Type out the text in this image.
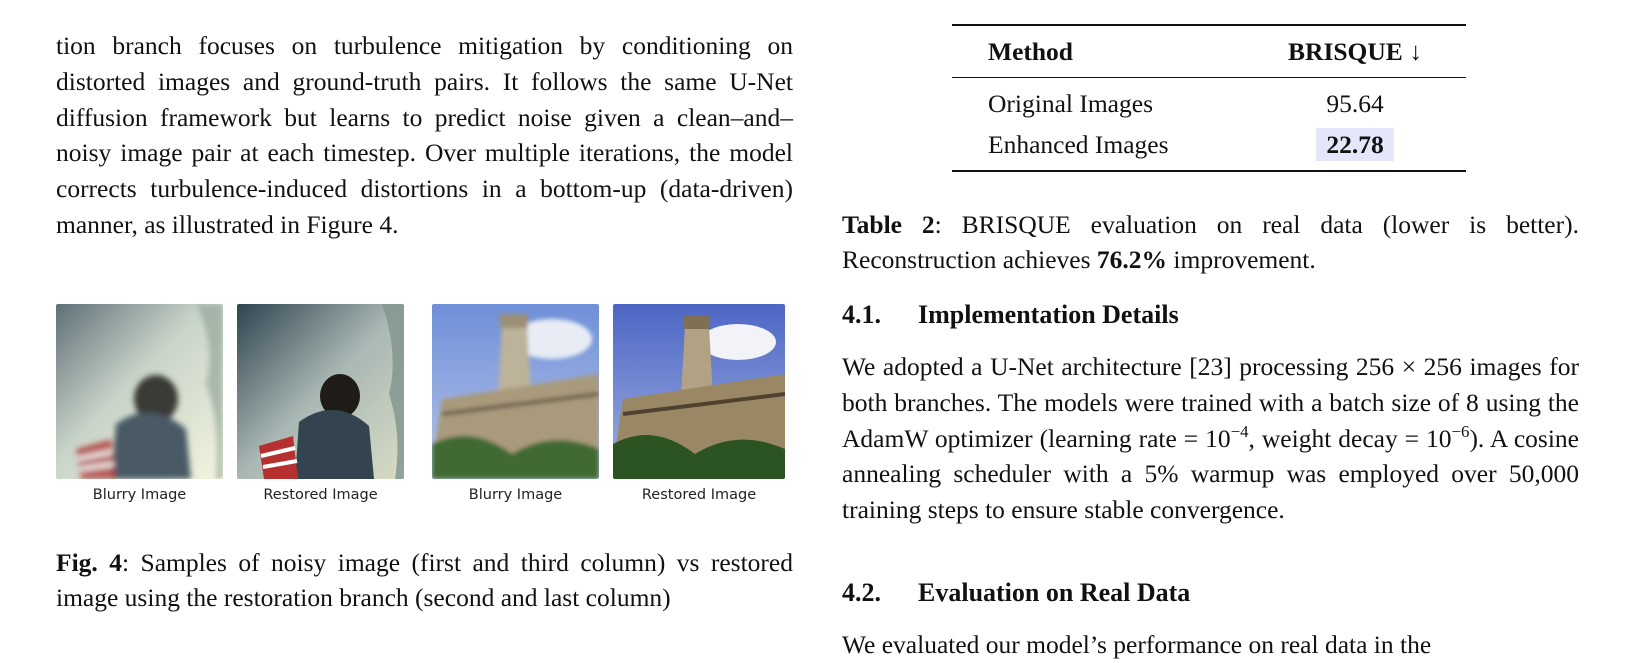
tion branch focuses on turbulence mitigation by conditioning on distorted images and ground-truth pairs. It follows the same U-Net diffusion framework but learns to predict noise given a clean–and–noisy image pair at each timestep. Over multiple iterations, the model corrects turbulence-induced distortions in a bottom-up (data-driven) manner, as illustrated in Figure 4.

Blurry Image	Restored Image	Blurry Image	Restored Image

Fig. 4: Samples of noisy image (first and third column) vs restored image using the restoration branch (second and last column)

Method	BRISQUE ↓
Original Images	95.64
Enhanced Images	22.78

Table 2: BRISQUE evaluation on real data (lower is better). Reconstruction achieves 76.2% improvement.

4.1. Implementation Details

We adopted a U-Net architecture [23] processing 256 × 256 images for both branches. The models were trained with a batch size of 8 using the AdamW optimizer (learning rate = $10^{-4}$, weight decay = $10^{-6}$). A cosine annealing scheduler with a 5% warmup was employed over 50,000 training steps to ensure stable convergence.

4.2. Evaluation on Real Data

We evaluated our model’s performance on real data in the
